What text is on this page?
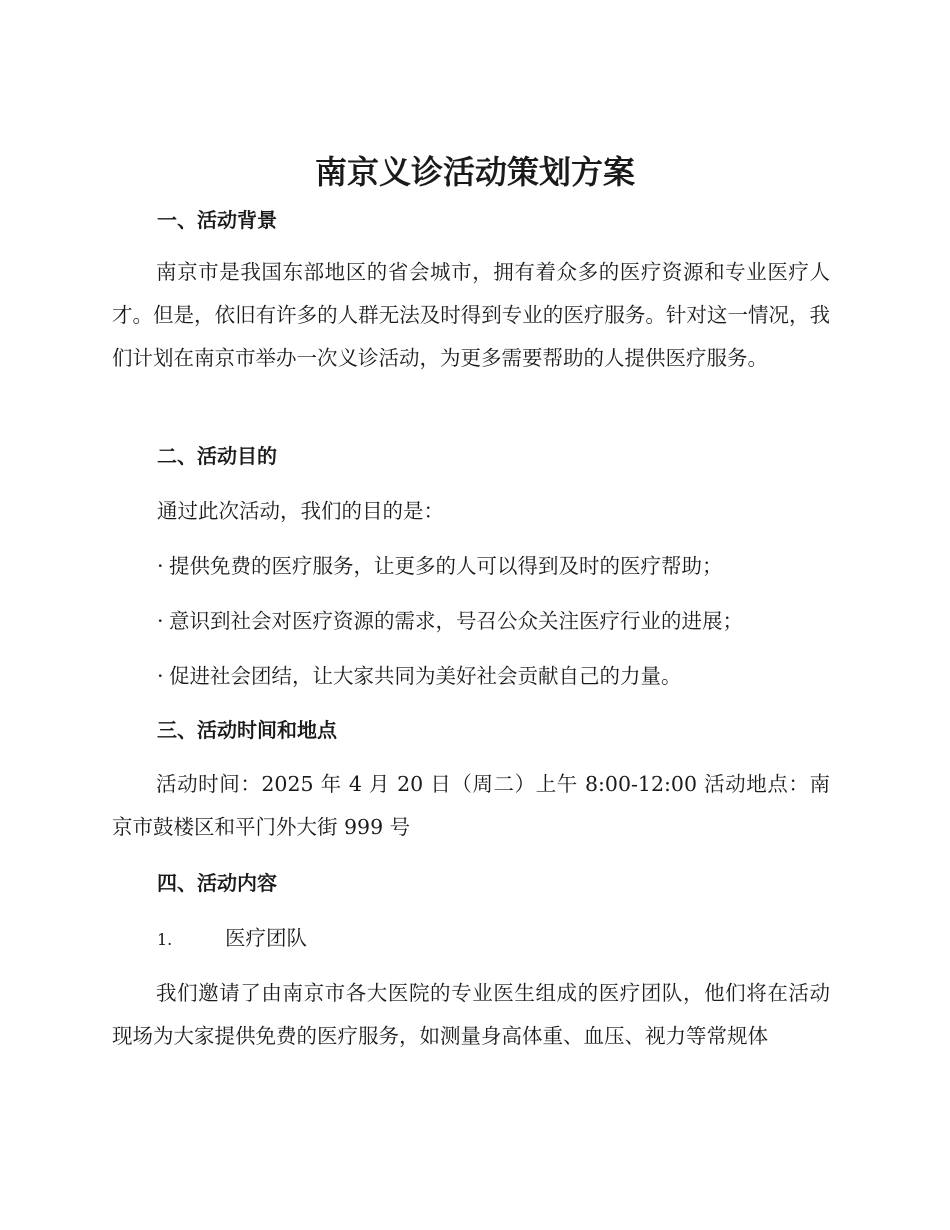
南京义诊活动策划方案
一、活动背景

南京市是我国东部地区的省会城市，拥有着众多的医疗资源和专业医疗人才。但是，依旧有许多的人群无法及时得到专业的医疗服务。针对这一情况，我们计划在南京市举办一次义诊活动，为更多需要帮助的人提供医疗服务。

二、活动目的

通过此次活动，我们的目的是：

· 提供免费的医疗服务，让更多的人可以得到及时的医疗帮助；

· 意识到社会对医疗资源的需求，号召公众关注医疗行业的进展；

· 促进社会团结，让大家共同为美好社会贡献自己的力量。

三、活动时间和地点

活动时间：2025 年 4 月 20 日（周二）上午 8:00-12:00 活动地点：南京市鼓楼区和平门外大街 999 号

四、活动内容

1.	医疗团队

我们邀请了由南京市各大医院的专业医生组成的医疗团队，他们将在活动现场为大家提供免费的医疗服务，如测量身高体重、血压、视力等常规体
